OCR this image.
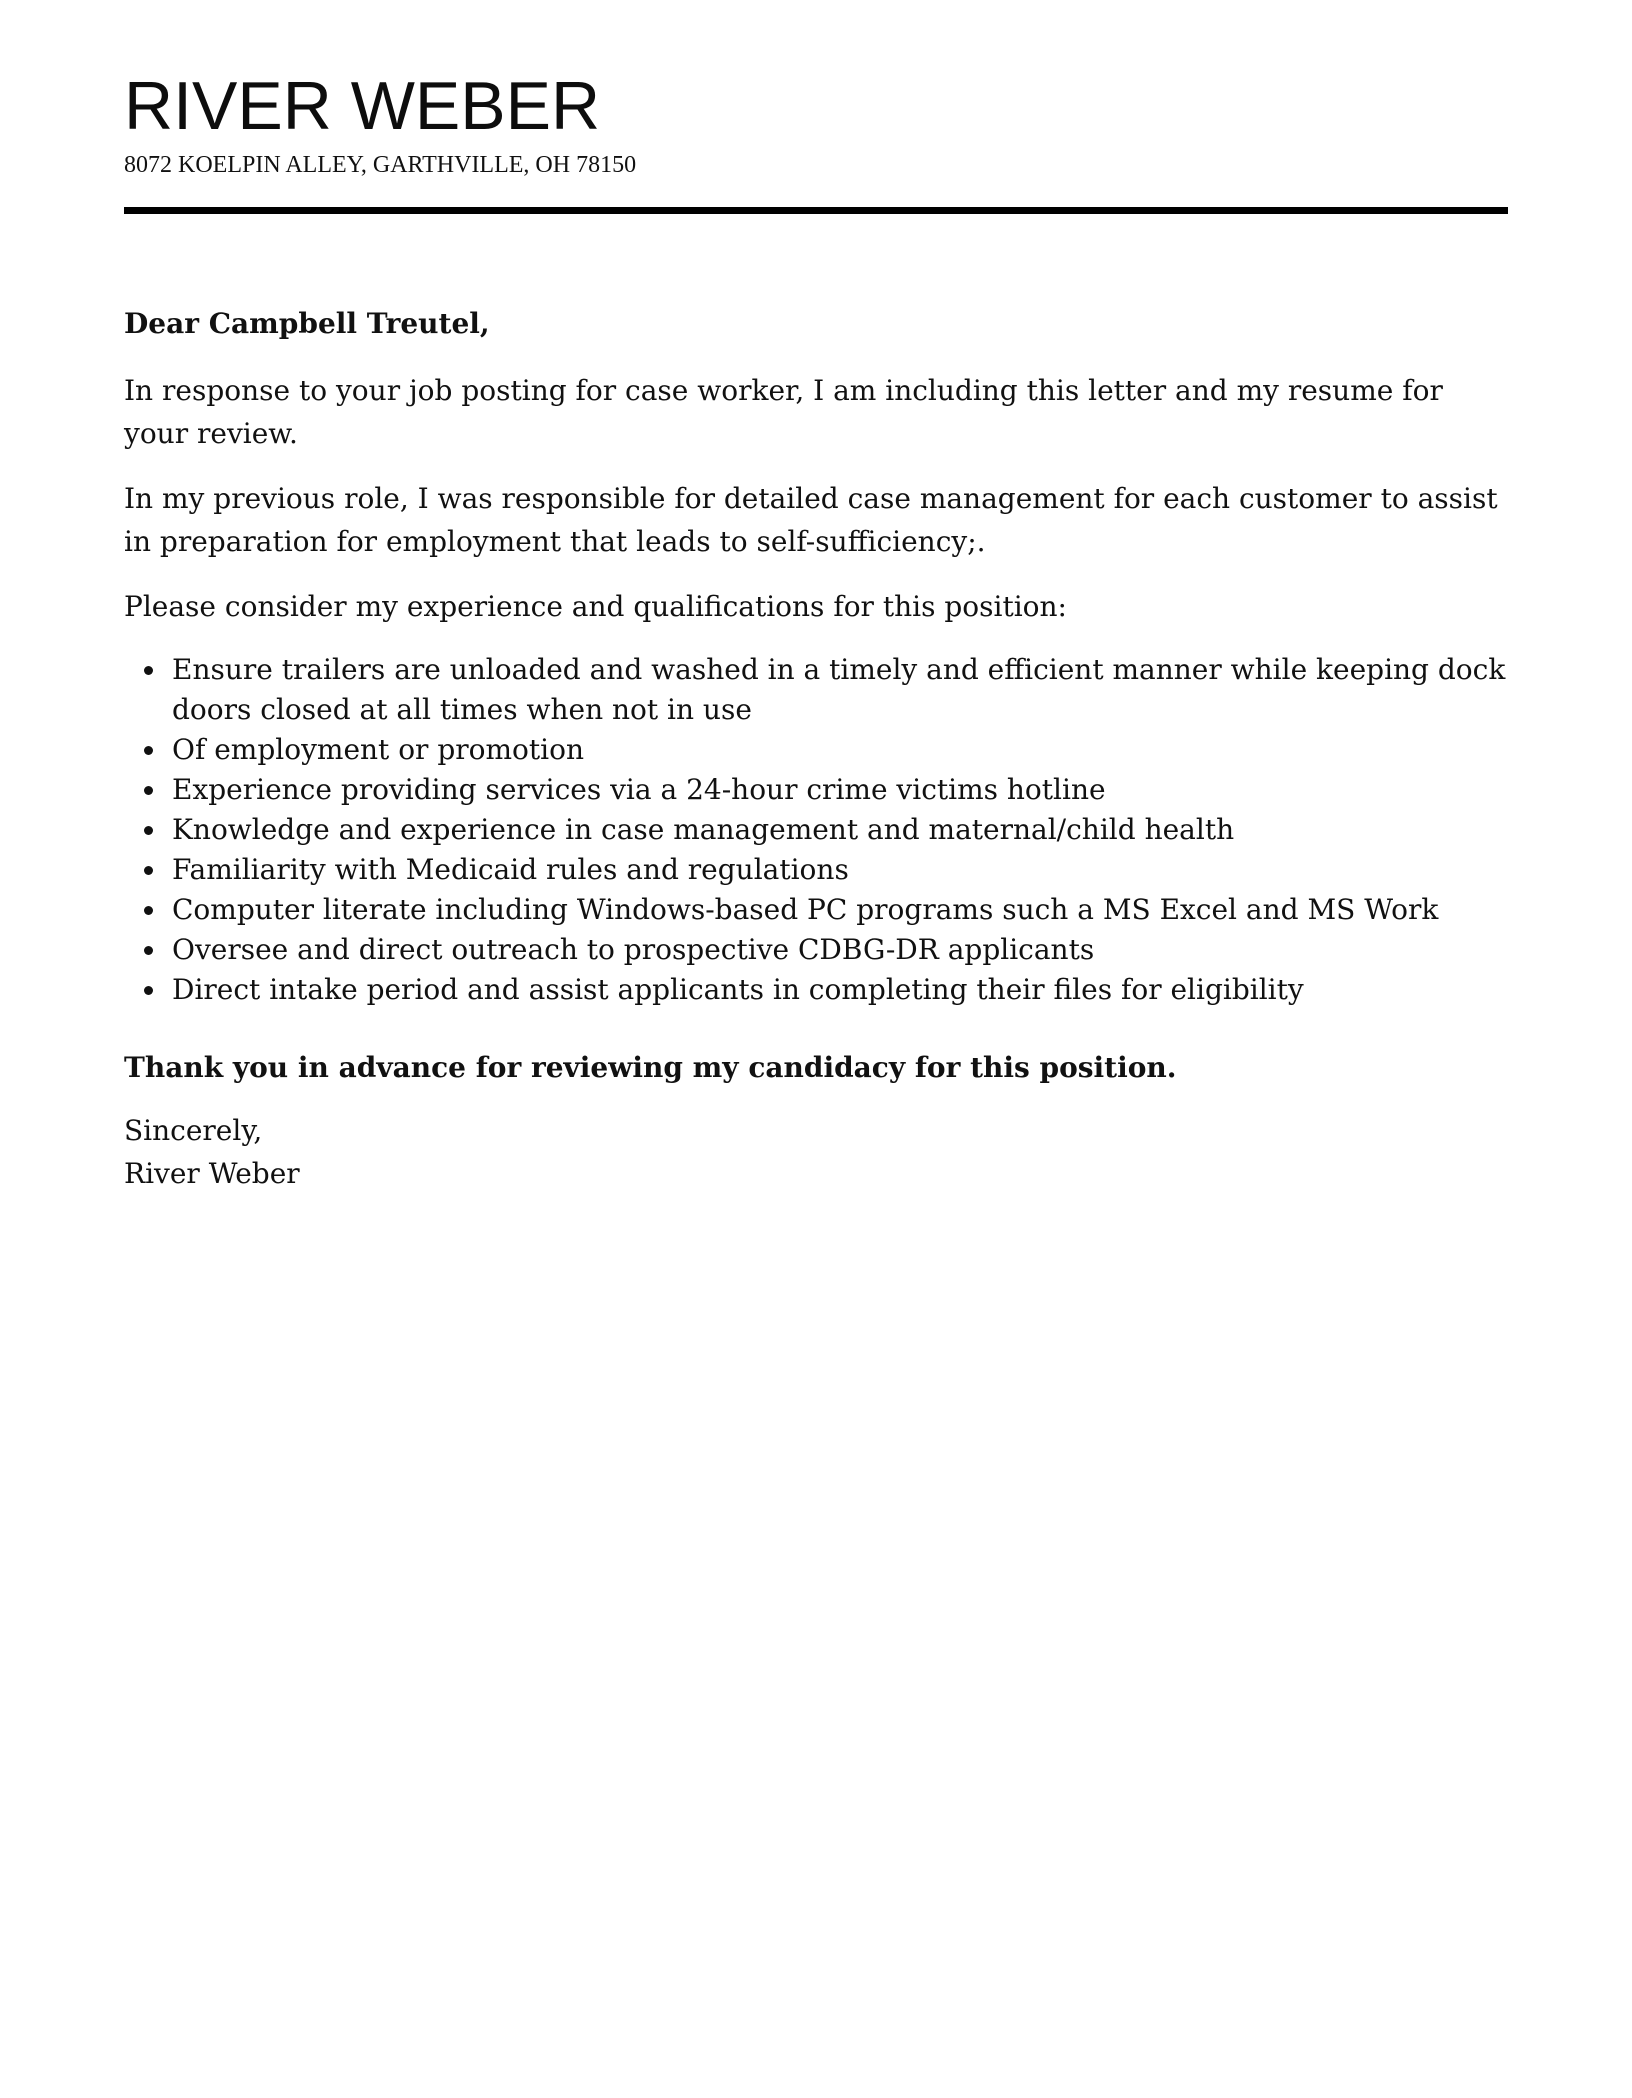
RIVER WEBER
8072 KOELPIN ALLEY, GARTHVILLE, OH 78150

Dear Campbell Treutel,

In response to your job posting for case worker, I am including this letter and my resume for your review.

In my previous role, I was responsible for detailed case management for each customer to assist in preparation for employment that leads to self-sufficiency;.

Please consider my experience and qualifications for this position:

Ensure trailers are unloaded and washed in a timely and efficient manner while keeping dock doors closed at all times when not in use
Of employment or promotion
Experience providing services via a 24-hour crime victims hotline
Knowledge and experience in case management and maternal/child health
Familiarity with Medicaid rules and regulations
Computer literate including Windows-based PC programs such a MS Excel and MS Work
Oversee and direct outreach to prospective CDBG-DR applicants
Direct intake period and assist applicants in completing their files for eligibility

Thank you in advance for reviewing my candidacy for this position.

Sincerely,

River Weber
